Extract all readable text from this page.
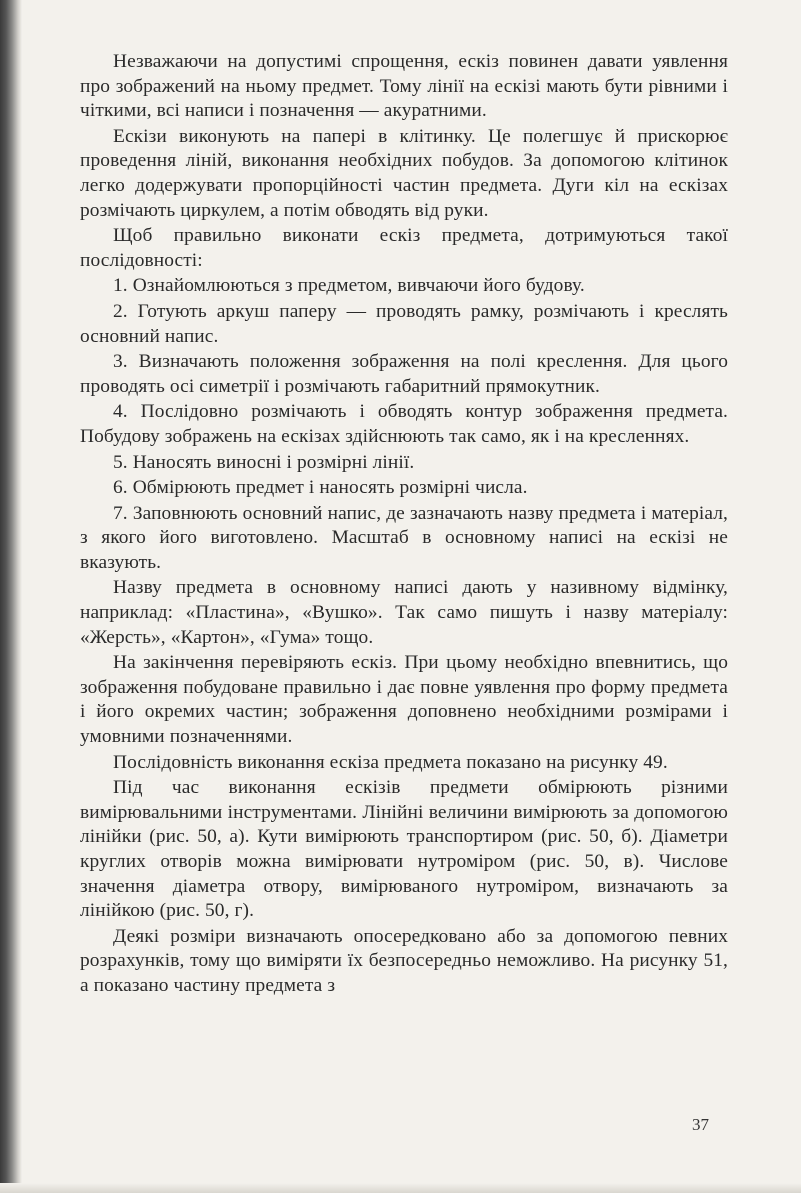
Незважаючи на допустимі спрощення, ескіз повинен давати уявлення про зображений на ньому предмет. Тому лінії на ескізі мають бути рівними і чіткими, всі написи і позначення — акуратними.

Ескізи виконують на папері в клітинку. Це полегшує й прискорює проведення ліній, виконання необхідних побудов. За допомогою клітинок легко додержувати пропорційності частин предмета. Дуги кіл на ескізах розмічають циркулем, а потім обводять від руки.

Щоб правильно виконати ескіз предмета, дотримуються такої послідовності:

1. Ознайомлюються з предметом, вивчаючи його будову.

2. Готують аркуш паперу — проводять рамку, розмічають і креслять основний напис.

3. Визначають положення зображення на полі креслення. Для цього проводять осі симетрії і розмічають габаритний прямокутник.

4. Послідовно розмічають і обводять контур зображення предмета. Побудову зображень на ескізах здійснюють так само, як і на кресленнях.

5. Наносять виносні і розмірні лінії.

6. Обмірюють предмет і наносять розмірні числа.

7. Заповнюють основний напис, де зазначають назву предмета і матеріал, з якого його виготовлено. Масштаб в основному написі на ескізі не вказують.

Назву предмета в основному написі дають у називному відмінку, наприклад: «Пластина», «Вушко». Так само пишуть і назву матеріалу: «Жерсть», «Картон», «Гума» тощо.

На закінчення перевіряють ескіз. При цьому необхідно впевнитись, що зображення побудоване правильно і дає повне уявлення про форму предмета і його окремих частин; зображення доповнено необхідними розмірами і умовними позначеннями.

Послідовність виконання ескіза предмета показано на рисунку 49.

Під час виконання ескізів предмети обмірюють різними вимірювальними інструментами. Лінійні величини вимірюють за допомогою лінійки (рис. 50, а). Кути вимірюють транспортиром (рис. 50, б). Діаметри круглих отворів можна вимірювати нутроміром (рис. 50, в). Числове значення діаметра отвору, вимірюваного нутроміром, визначають за лінійкою (рис. 50, г).

Деякі розміри визначають опосередковано або за допомогою певних розрахунків, тому що виміряти їх безпосередньо неможливо. На рисунку 51, а показано частину предмета з

37
